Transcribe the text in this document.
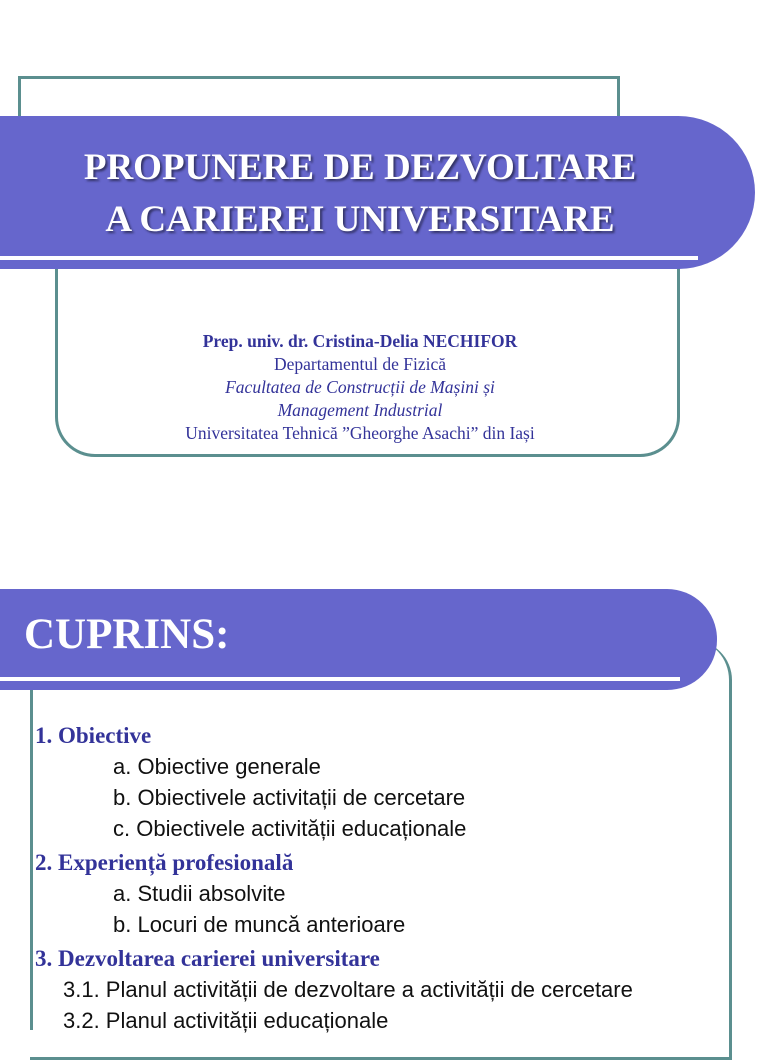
PROPUNERE DE DEZVOLTARE
A CARIEREI UNIVERSITARE
Prep. univ. dr. Cristina-Delia NECHIFOR
Departamentul de Fizică
Facultatea de Construcții de Mașini și
Management Industrial
Universitatea Tehnică ”Gheorghe Asachi” din Iași
CUPRINS:

1. Obiective

a. Obiective generale

b. Obiectivele activitații de cercetare

c. Obiectivele activității educaționale

2. Experiență profesională

a. Studii absolvite

b. Locuri de muncă anterioare

3. Dezvoltarea carierei universitare

3.1. Planul activității de dezvoltare a activității de cercetare

3.2. Planul activității educaționale
